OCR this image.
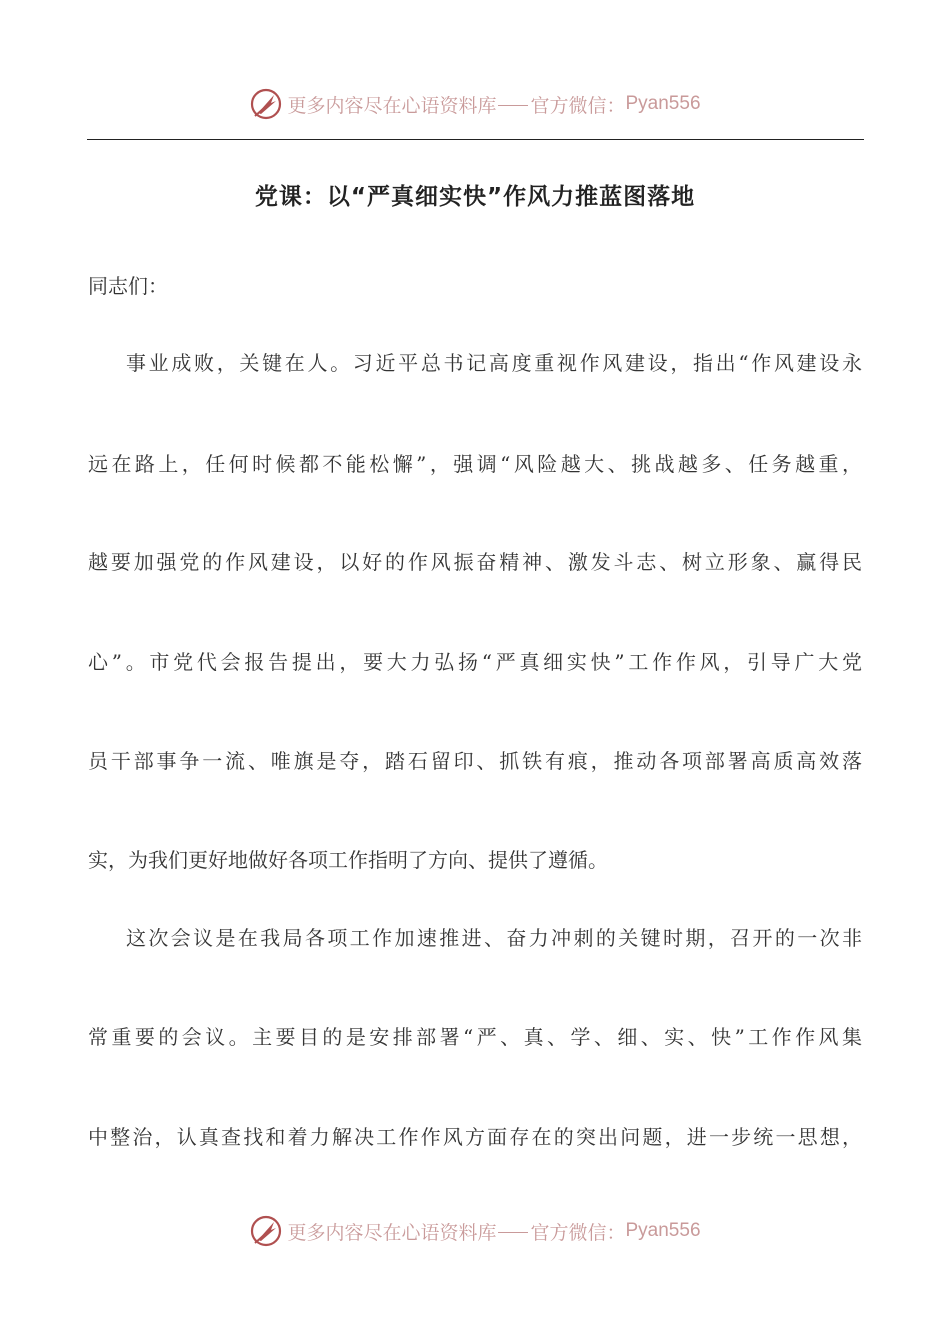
更多内容尽在心语资料库 官方微信： Pyan556
党课：以“严真细实快”作风力推蓝图落地
同志们：
事业成败，关键在人。习近平总书记高度重视作风建设，指出“作风建设永
远在路上，任何时候都不能松懈”，强调“风险越大、挑战越多、任务越重，
越要加强党的作风建设，以好的作风振奋精神、激发斗志、树立形象、赢得民
心”。市党代会报告提出，要大力弘扬“严真细实快”工作作风，引导广大党
员干部事争一流、唯旗是夺，踏石留印、抓铁有痕，推动各项部署高质高效落
实，为我们更好地做好各项工作指明了方向、提供了遵循。
这次会议是在我局各项工作加速推进、奋力冲刺的关键时期，召开的一次非
常重要的会议。主要目的是安排部署“严、真、学、细、实、快”工作作风集
中整治，认真查找和着力解决工作作风方面存在的突出问题，进一步统一思想，
更多内容尽在心语资料库 官方微信： Pyan556
